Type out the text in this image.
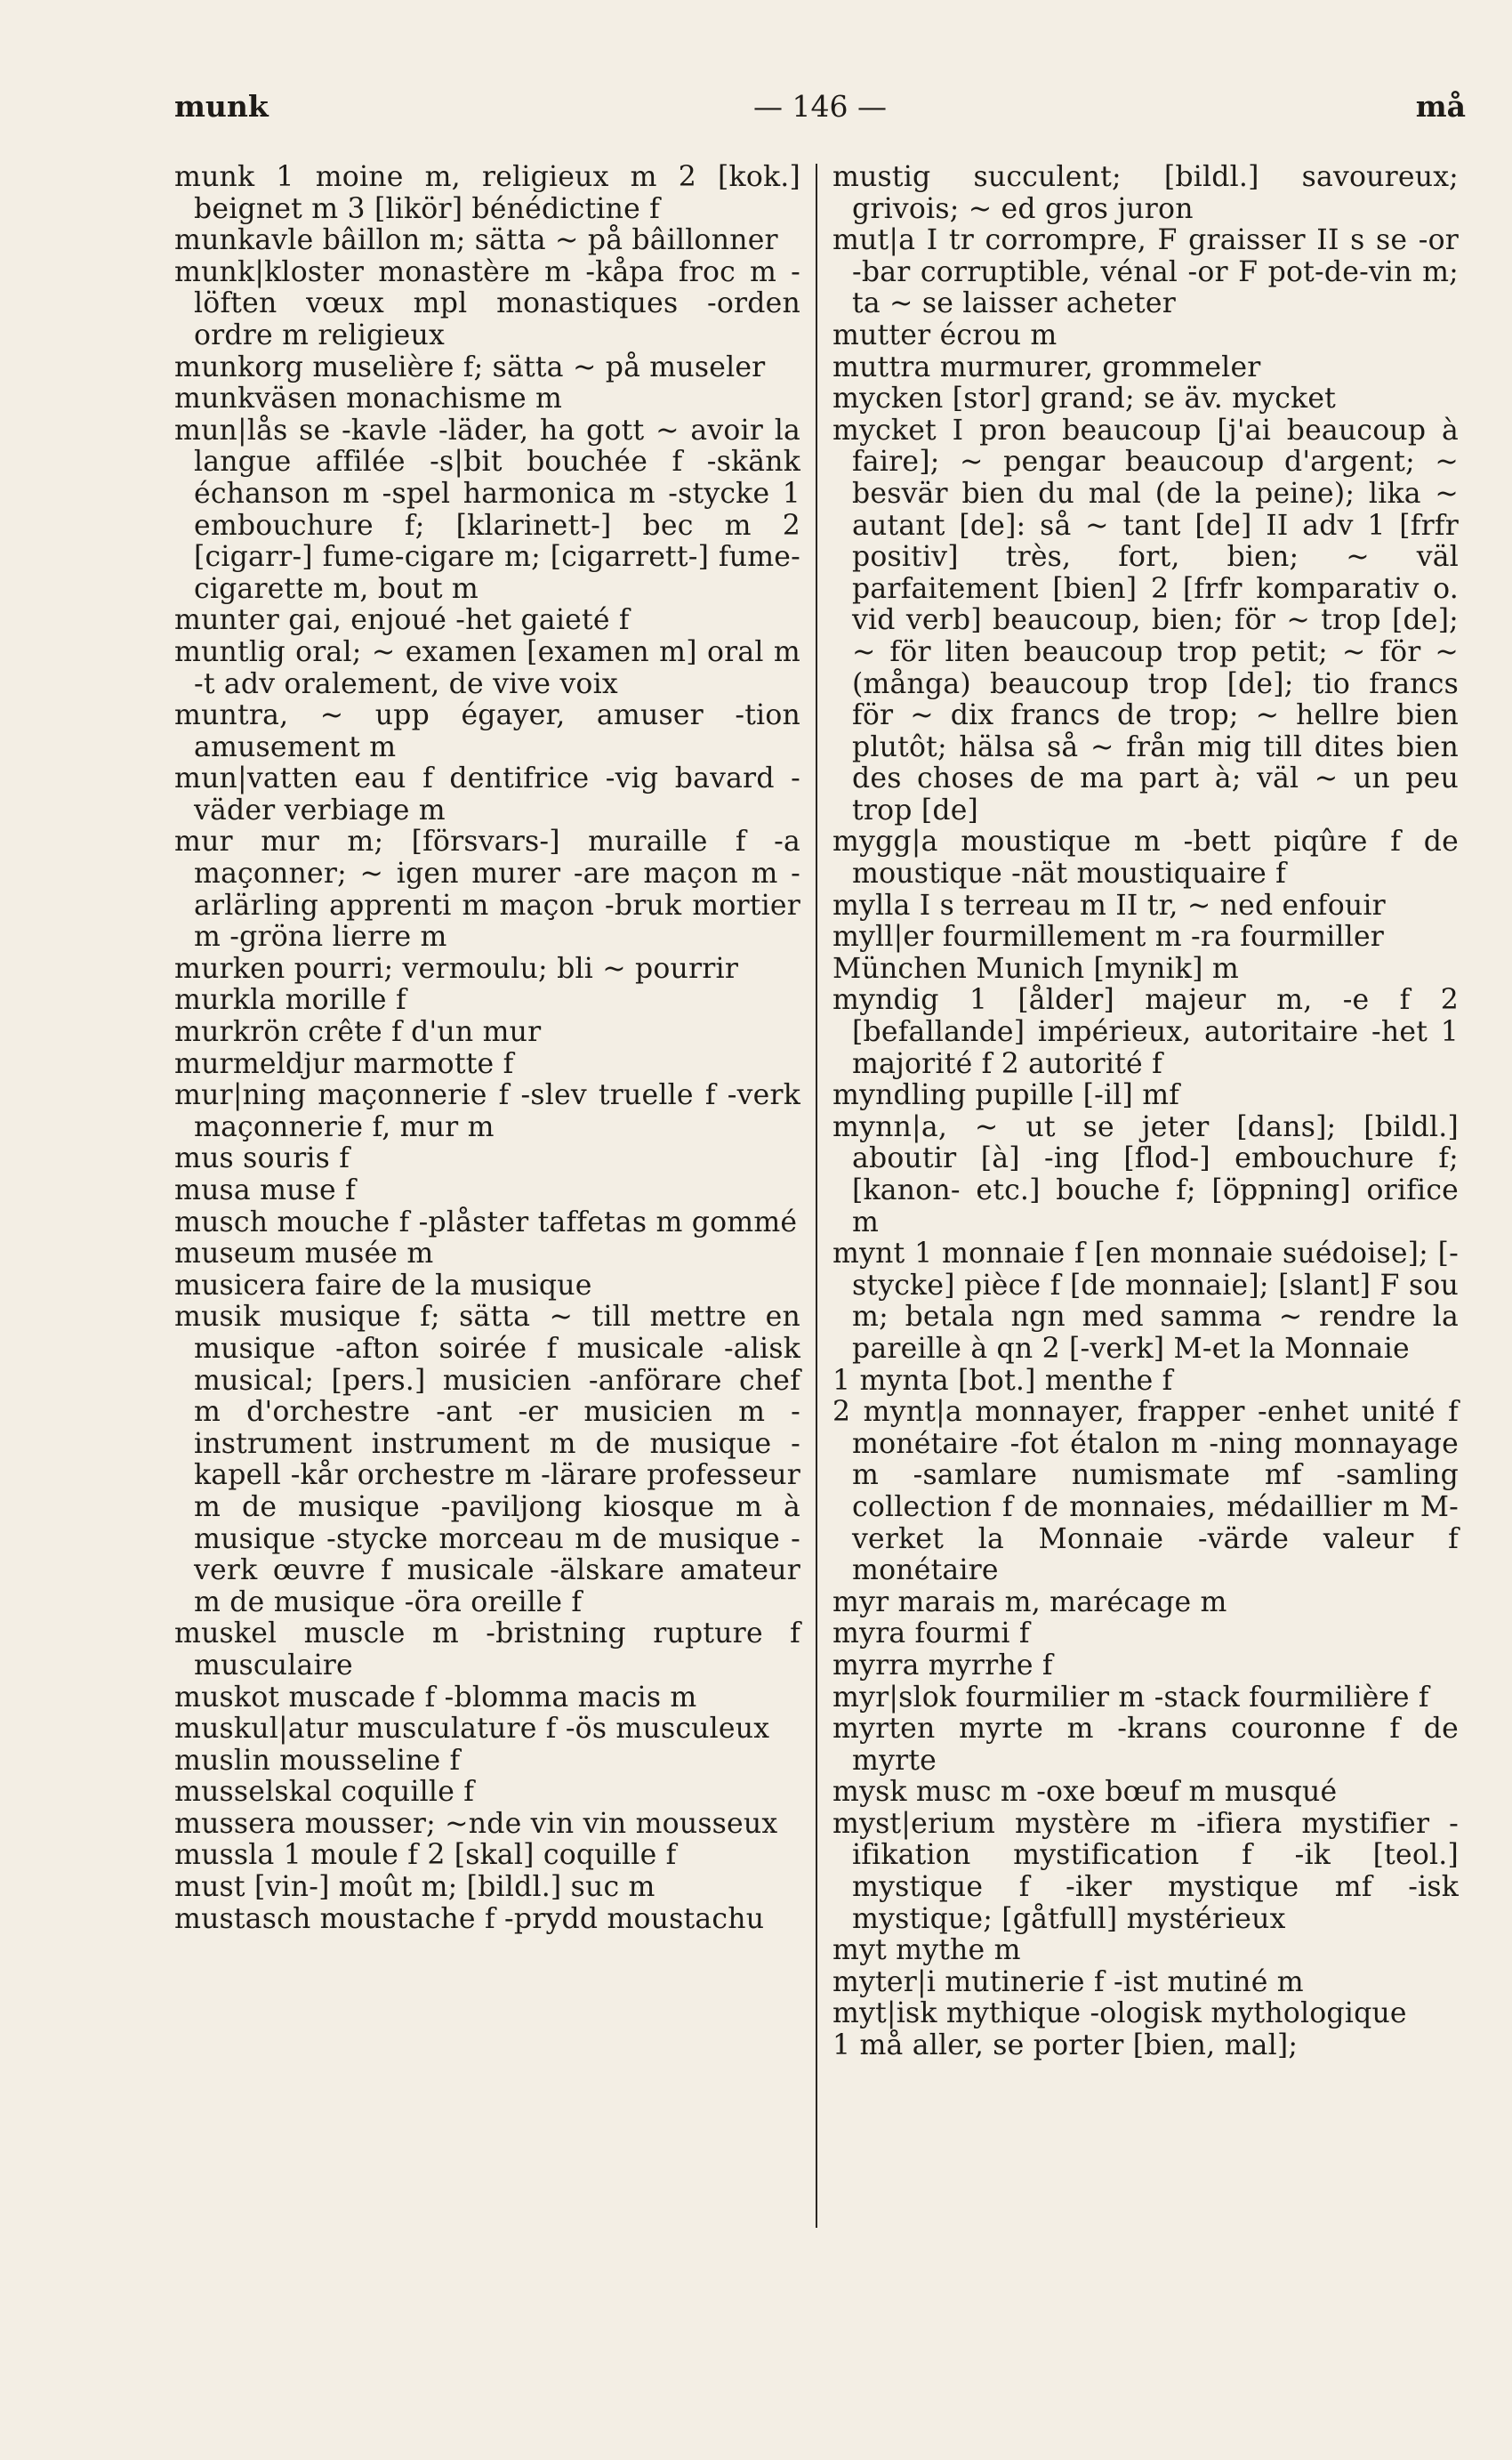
munk	— 146 —	må

munk 1 moine m, religieux m 2 [kok.] beignet m 3 [likör] bénédictine f

munkavle bâillon m; sätta ~ på bâillonner

munk|kloster monastère m -kåpa froc m -löften vœux mpl monastiques -orden ordre m religieux

munkorg muselière f; sätta ~ på museler

munkväsen monachisme m

mun|lås se -kavle -läder, ha gott ~ avoir la langue affilée -s|bit bouchée f -skänk échanson m -spel harmonica m -stycke 1 embouchure f; [klarinett-] bec m 2 [cigarr-] fume-cigare m; [cigarrett-] fume-cigarette m, bout m

munter gai, enjoué -het gaieté f

muntlig oral; ~ examen [examen m] oral m -t adv oralement, de vive voix

muntra, ~ upp égayer, amuser -tion amusement m

mun|vatten eau f dentifrice -vig bavard -väder verbiage m

mur mur m; [försvars-] muraille f -a maçonner; ~ igen murer -are maçon m -arlärling apprenti m maçon -bruk mortier m -gröna lierre m

murken pourri; vermoulu; bli ~ pourrir

murkla morille f

murkrön crête f d'un mur

murmeldjur marmotte f

mur|ning maçonnerie f -slev truelle f -verk maçonnerie f, mur m

mus souris f

musa muse f

musch mouche f -plåster taffetas m gommé

museum musée m

musicera faire de la musique

musik musique f; sätta ~ till mettre en musique -afton soirée f musicale -alisk musical; [pers.] musicien -anförare chef m d'orchestre -ant -er musicien m -instrument instrument m de musique -kapell -kår orchestre m -lärare professeur m de musique -paviljong kiosque m à musique -stycke morceau m de musique -verk œuvre f musicale -älskare amateur m de musique -öra oreille f

muskel muscle m -bristning rupture f musculaire

muskot muscade f -blomma macis m

muskul|atur musculature f -ös musculeux

muslin mousseline f

musselskal coquille f

mussera mousser; ~nde vin vin mousseux

mussla 1 moule f 2 [skal] coquille f

must [vin-] moût m; [bildl.] suc m

mustasch moustache f -prydd moustachu

mustig succulent; [bildl.] savoureux; grivois; ~ ed gros juron

mut|a I tr corrompre, F graisser II s se -or -bar corruptible, vénal -or F pot-de-vin m; ta ~ se laisser acheter

mutter écrou m

muttra murmurer, grommeler

mycken [stor] grand; se äv. mycket

mycket I pron beaucoup [j'ai beaucoup à faire]; ~ pengar beaucoup d'argent; ~ besvär bien du mal (de la peine); lika ~ autant [de]: så ~ tant [de] II adv 1 [frfr positiv] très, fort, bien; ~ väl parfaitement [bien] 2 [frfr komparativ o. vid verb] beaucoup, bien; för ~ trop [de]; ~ för liten beaucoup trop petit; ~ för ~ (många) beaucoup trop [de]; tio francs för ~ dix francs de trop; ~ hellre bien plutôt; hälsa så ~ från mig till dites bien des choses de ma part à; väl ~ un peu trop [de]

mygg|a moustique m -bett piqûre f de moustique -nät moustiquaire f

mylla I s terreau m II tr, ~ ned enfouir

myll|er fourmillement m -ra fourmiller

München Munich [mynik] m

myndig 1 [ålder] majeur m, -e f 2 [befallande] impérieux, autoritaire -het 1 majorité f 2 autorité f

myndling pupille [-il] mf

mynn|a, ~ ut se jeter [dans]; [bildl.] aboutir [à] -ing [flod-] embouchure f; [kanon- etc.] bouche f; [öppning] orifice m

mynt 1 monnaie f [en monnaie suédoise]; [-stycke] pièce f [de monnaie]; [slant] F sou m; betala ngn med samma ~ rendre la pareille à qn 2 [-verk] M-et la Monnaie

1 mynta [bot.] menthe f

2 mynt|a monnayer, frapper -enhet unité f monétaire -fot étalon m -ning monnayage m -samlare numismate mf -samling collection f de monnaies, médaillier m M-verket la Monnaie -värde valeur f monétaire

myr marais m, marécage m

myra fourmi f

myrra myrrhe f

myr|slok fourmilier m -stack fourmilière f

myrten myrte m -krans couronne f de myrte

mysk musc m -oxe bœuf m musqué

myst|erium mystère m -ifiera mystifier -ifikation mystification f -ik [teol.] mystique f -iker mystique mf -isk mystique; [gåtfull] mystérieux

myt mythe m

myter|i mutinerie f -ist mutiné m

myt|isk mythique -ologisk mythologique

1 må aller, se porter [bien, mal];
